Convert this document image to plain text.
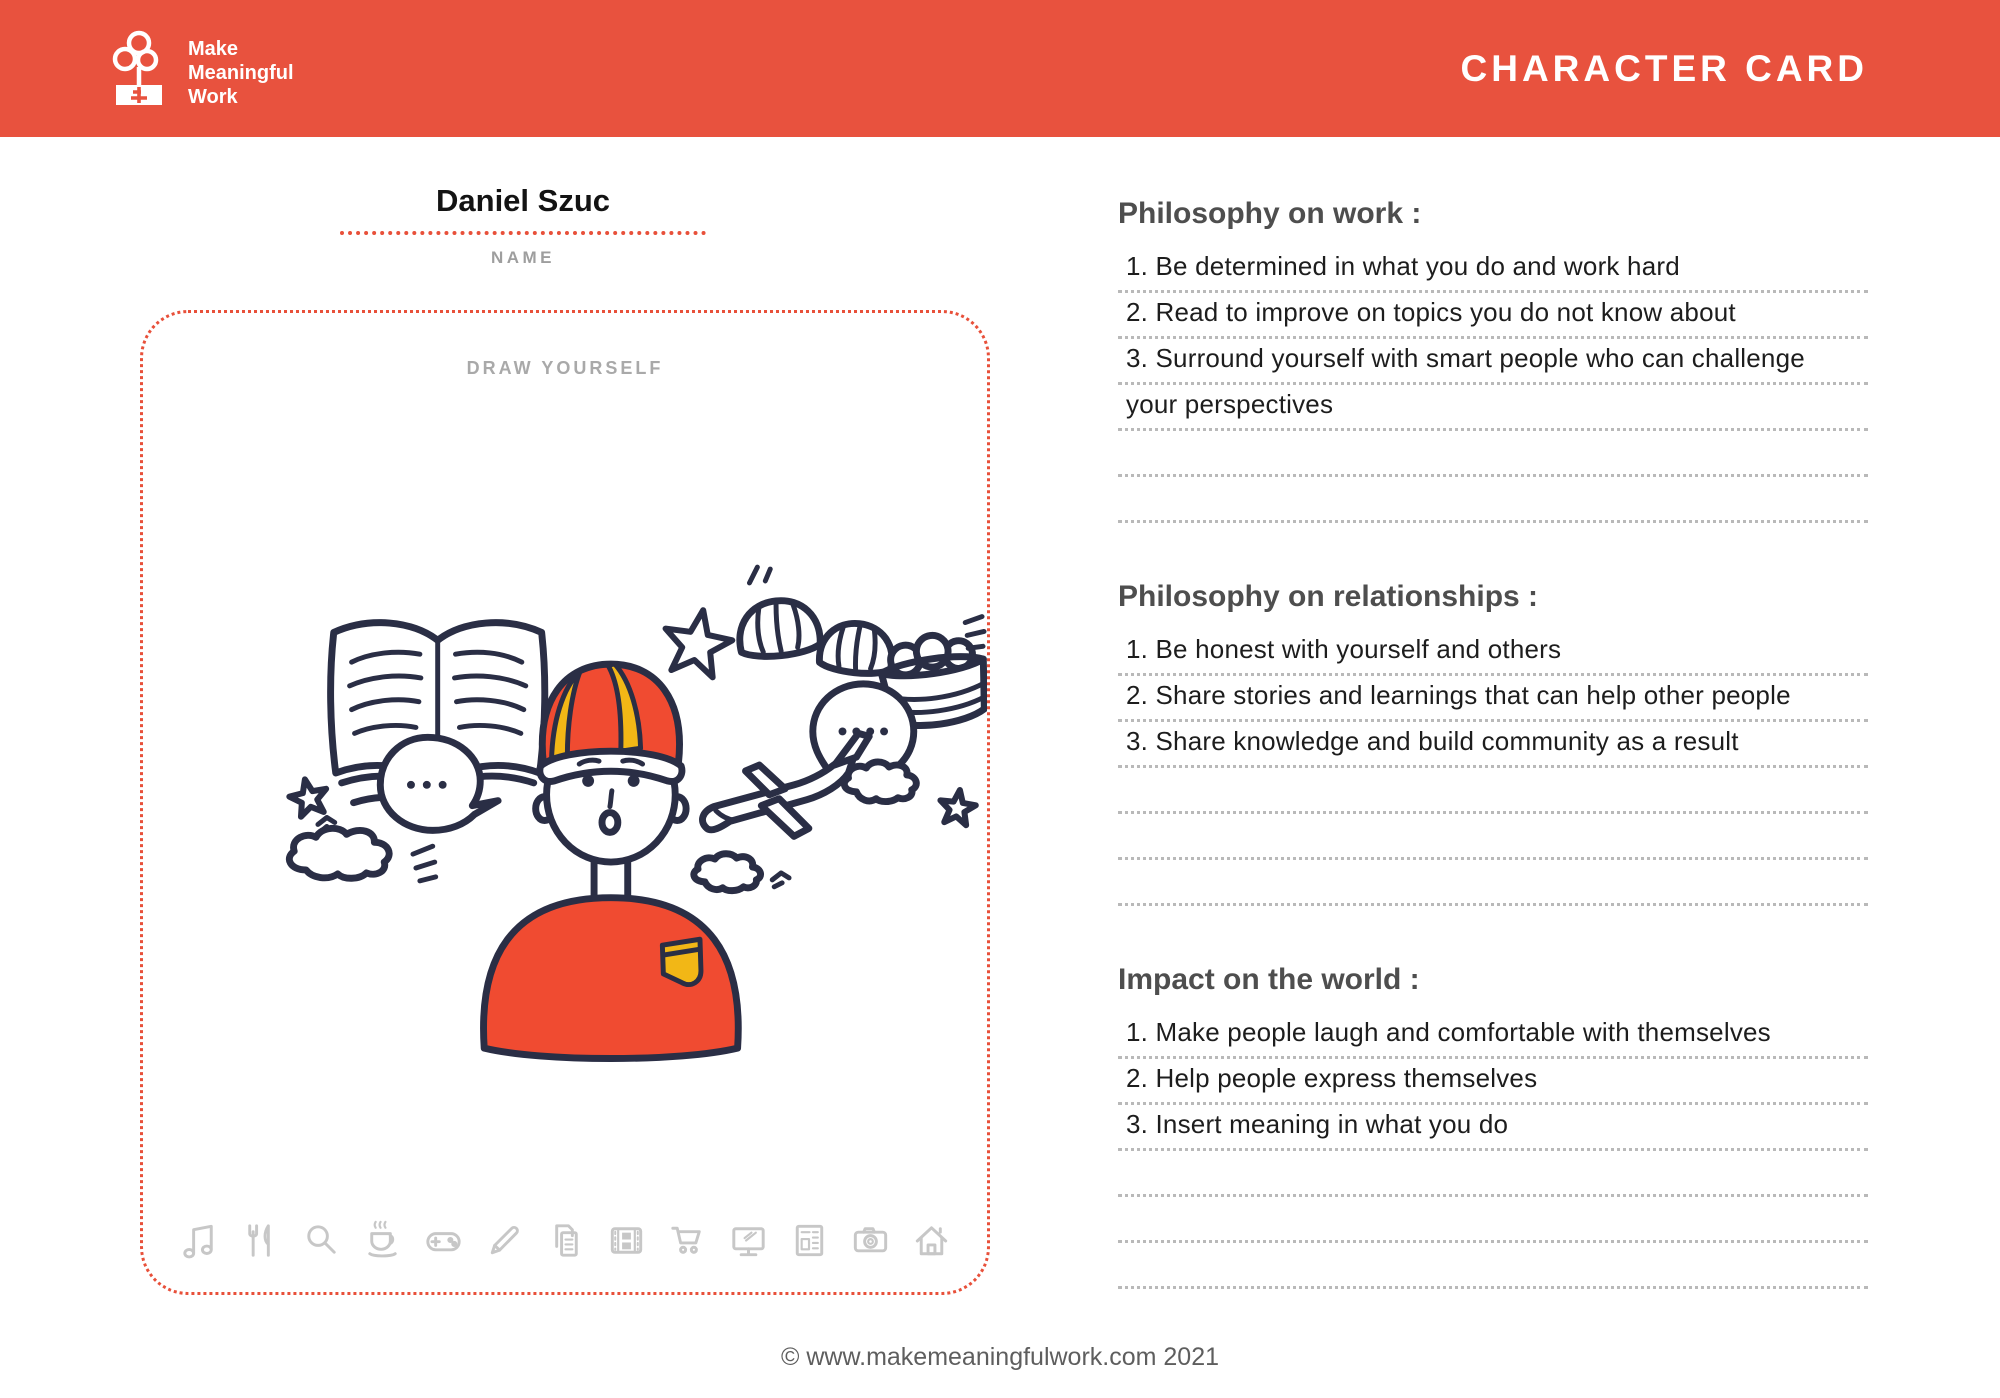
Make
Meaningful
Work
CHARACTER CARD
Daniel Szuc
NAME
DRAW YOURSELF
Philosophy on work :
1. Be determined in what you do and work hard
2. Read to improve on topics you do not know about
3. Surround yourself with smart people who can challenge
your perspectives
Philosophy on relationships :
1. Be honest with yourself and others
2. Share stories and learnings that can help other people
3. Share knowledge and build community as a result
Impact on the world :
1. Make people laugh and comfortable with themselves
2. Help people express themselves
3. Insert meaning in what you do
© www.makemeaningfulwork.com 2021
